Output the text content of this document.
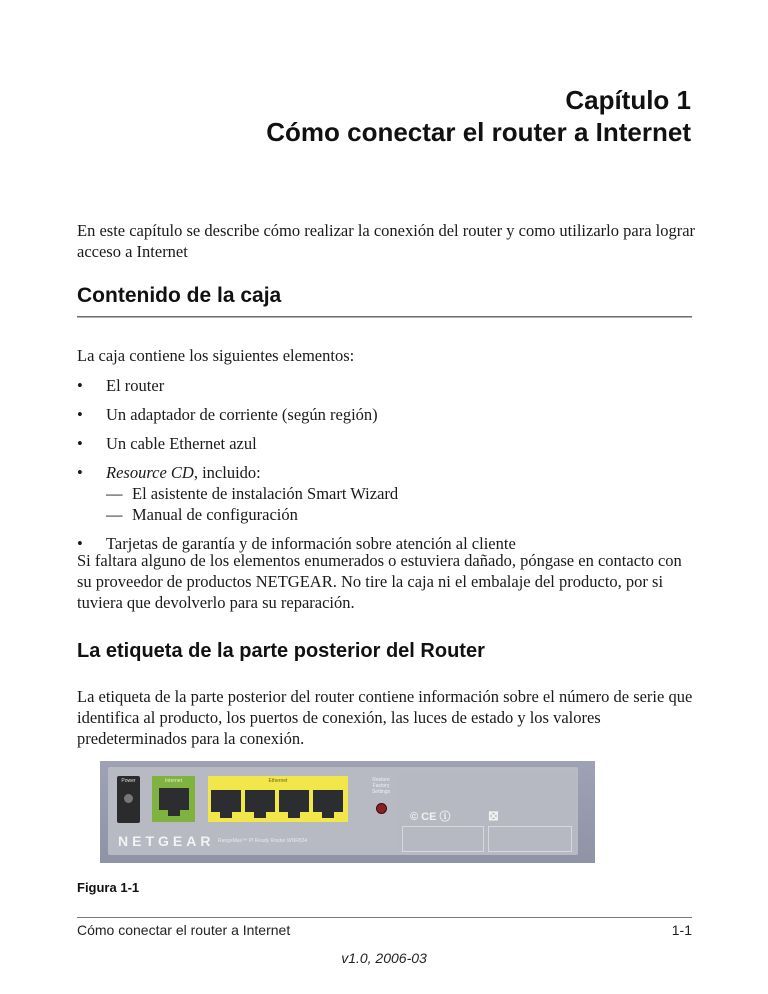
Capítulo 1
Cómo conectar el router a Internet

En este capítulo se describe cómo realizar la conexión del router y como utilizarlo para lograr acceso a Internet

Contenido de la caja

La caja contiene los siguientes elementos:

• El router
• Un adaptador de corriente (según región)
• Un cable Ethernet azul
• Resource CD, incluido:
— El asistente de instalación Smart Wizard
— Manual de configuración
• Tarjetas de garantía y de información sobre atención al cliente

Si faltara alguno de los elementos enumerados o estuviera dañado, póngase en contacto con su proveedor de productos NETGEAR. No tire la caja ni el embalaje del producto, por si tuviera que devolverlo para su reparación.

La etiqueta de la parte posterior del Router

La etiqueta de la parte posterior del router contiene información sobre el número de serie que identifica al producto, los puertos de conexión, las luces de estado y los valores predeterminados para la conexión.

Power	Internet	Ethernet	Restore Factory Settings
© CE ⓘ	⊠
NETGEAR RangeMax™ PI Ready Router WNR834
Figura 1-1
Cómo conectar el router a Internet	1-1
v1.0, 2006-03
